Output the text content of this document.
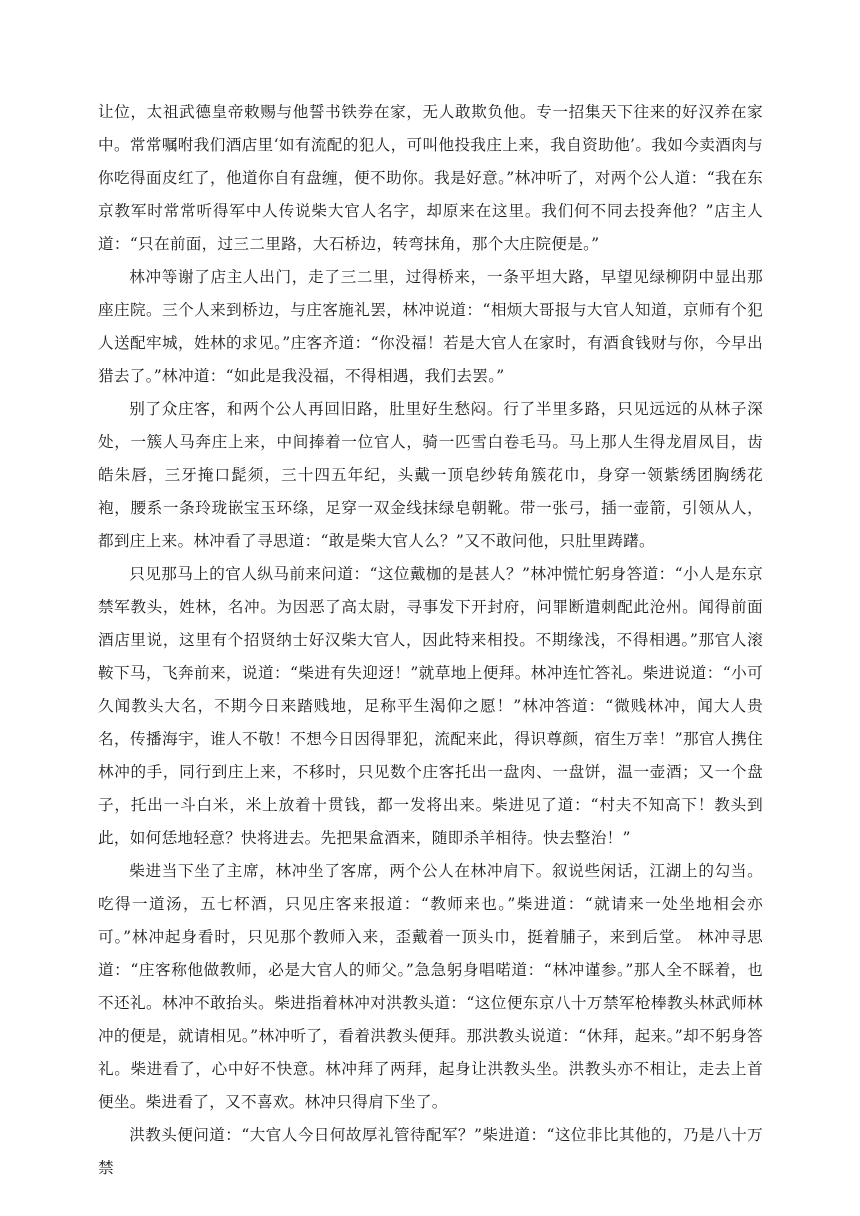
让位，太祖武德皇帝敕赐与他誓书铁券在家，无人敢欺负他。专一招集天下往来的好汉养在家中。常常嘱咐我们酒店里‘如有流配的犯人，可叫他投我庄上来，我自资助他’。我如今卖酒肉与你吃得面皮红了，他道你自有盘缠，便不助你。我是好意。”林冲听了，对两个公人道：“我在东京教军时常常听得军中人传说柴大官人名字，却原来在这里。我们何不同去投奔他？”店主人道：“只在前面，过三二里路，大石桥边，转弯抹角，那个大庄院便是。”

林冲等谢了店主人出门，走了三二里，过得桥来，一条平坦大路，早望见绿柳阴中显出那座庄院。三个人来到桥边，与庄客施礼罢，林冲说道：“相烦大哥报与大官人知道，京师有个犯人送配牢城，姓林的求见。”庄客齐道：“你没福！若是大官人在家时，有酒食钱财与你，今早出猎去了。”林冲道：“如此是我没福，不得相遇，我们去罢。”

别了众庄客，和两个公人再回旧路，肚里好生愁闷。行了半里多路，只见远远的从林子深处，一簇人马奔庄上来，中间捧着一位官人，骑一匹雪白卷毛马。马上那人生得龙眉凤目，齿皓朱唇，三牙掩口髭须，三十四五年纪，头戴一顶皂纱转角簇花巾，身穿一领紫绣团胸绣花袍，腰系一条玲珑嵌宝玉环绦，足穿一双金线抹绿皂朝靴。带一张弓，插一壶箭，引领从人，都到庄上来。林冲看了寻思道：“敢是柴大官人么？”又不敢问他，只肚里踌躇。

只见那马上的官人纵马前来问道：“这位戴枷的是甚人？”林冲慌忙躬身答道：“小人是东京禁军教头，姓林，名冲。为因恶了高太尉，寻事发下开封府，问罪断遣刺配此沧州。闻得前面酒店里说，这里有个招贤纳士好汉柴大官人，因此特来相投。不期缘浅，不得相遇。”那官人滚鞍下马，飞奔前来，说道：“柴进有失迎迓！”就草地上便拜。林冲连忙答礼。柴进说道：“小可久闻教头大名，不期今日来踏贱地，足称平生渴仰之愿！”林冲答道：“微贱林冲，闻大人贵名，传播海宇，谁人不敬！不想今日因得罪犯，流配来此，得识尊颜，宿生万幸！”那官人携住林冲的手，同行到庄上来，不移时，只见数个庄客托出一盘肉、一盘饼，温一壶酒；又一个盘子，托出一斗白米，米上放着十贯钱，都一发将出来。柴进见了道：“村夫不知高下！教头到此，如何恁地轻意？快将进去。先把果盒酒来，随即杀羊相待。快去整治！”

柴进当下坐了主席，林冲坐了客席，两个公人在林冲肩下。叙说些闲话，江湖上的勾当。吃得一道汤，五七杯酒，只见庄客来报道：“教师来也。”柴进道：“就请来一处坐地相会亦可。”林冲起身看时，只见那个教师入来，歪戴着一顶头巾，挺着脯子，来到后堂。 林冲寻思道：“庄客称他做教师，必是大官人的师父。”急急躬身唱喏道：“林冲谨参。”那人全不睬着，也不还礼。林冲不敢抬头。柴进指着林冲对洪教头道：“这位便东京八十万禁军枪棒教头林武师林冲的便是，就请相见。”林冲听了，看着洪教头便拜。那洪教头说道：“休拜，起来。”却不躬身答礼。柴进看了，心中好不快意。林冲拜了两拜，起身让洪教头坐。洪教头亦不相让，走去上首便坐。柴进看了，又不喜欢。林冲只得肩下坐了。

洪教头便问道：“大官人今日何故厚礼管待配军？”柴进道：“这位非比其他的，乃是八十万禁
